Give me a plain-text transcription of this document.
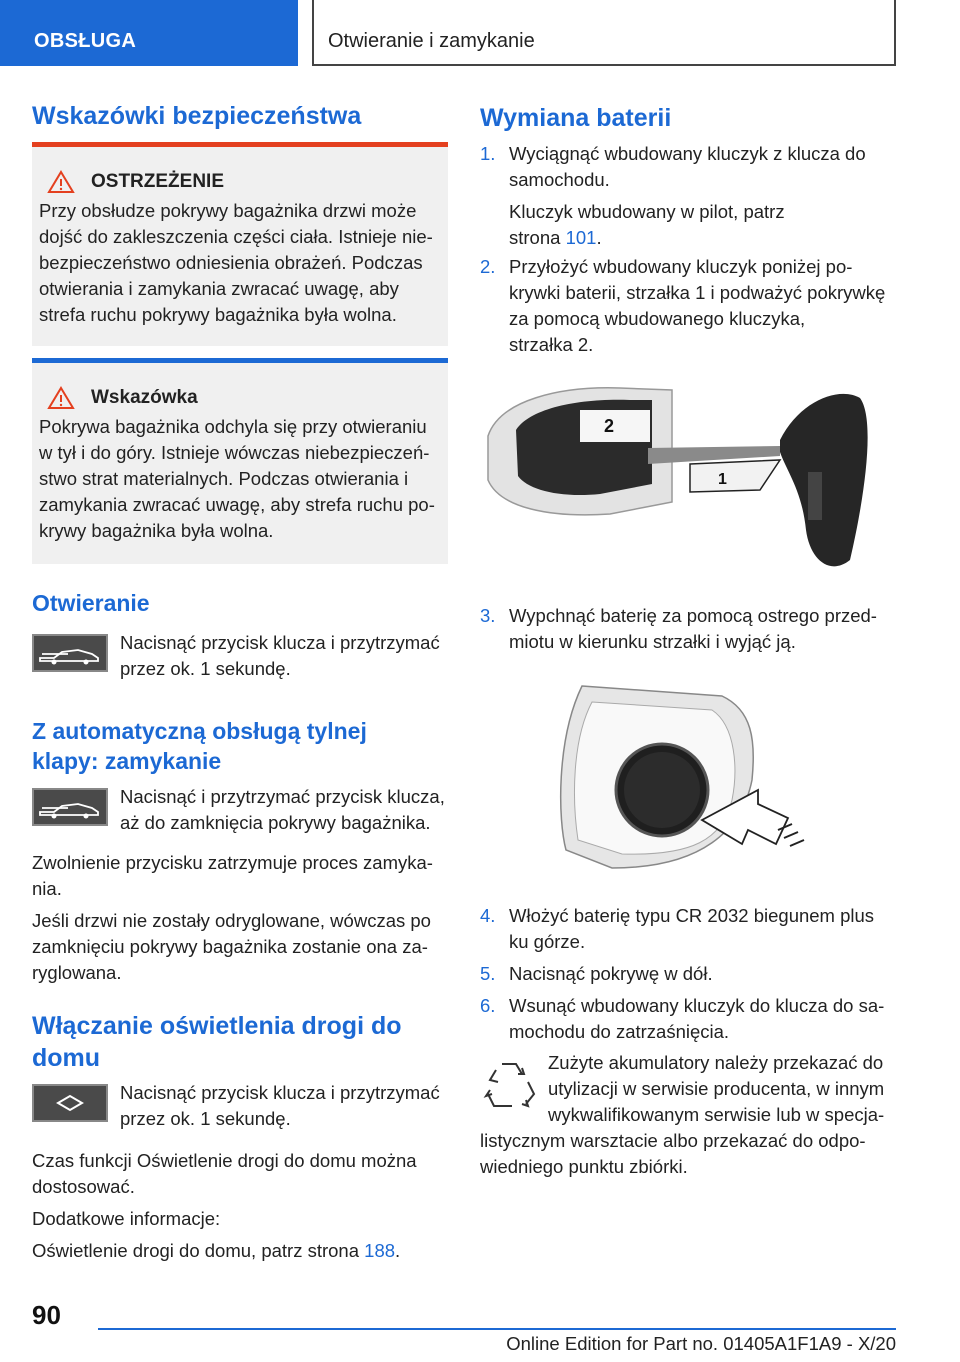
OBSŁUGA	Otwieranie i zamykanie
Wskazówki bezpieczeństwa
OSTRZEŻENIE
Przy obsłudze pokrywy bagażnika drzwi może
dojść do zakleszczenia części ciała. Istnieje nie-
bezpieczeństwo odniesienia obrażeń. Podczas
otwierania i zamykania zwracać uwagę, aby
strefa ruchu pokrywy bagażnika była wolna.
Wskazówka
Pokrywa bagażnika odchyla się przy otwieraniu
w tył i do góry. Istnieje wówczas niebezpieczeń-
stwo strat materialnych. Podczas otwierania i
zamykania zwracać uwagę, aby strefa ruchu po-
krywy bagażnika była wolna.
Otwieranie
Nacisnąć przycisk klucza i przytrzymać
przez ok. 1 sekundę.
Z automatyczną obsługą tylnej
klapy: zamykanie
Nacisnąć i przytrzymać przycisk klucza,
aż do zamknięcia pokrywy bagażnika.
Zwolnienie przycisku zatrzymuje proces zamyka-
nia.
Jeśli drzwi nie zostały odryglowane, wówczas po
zamknięciu pokrywy bagażnika zostanie ona za-
ryglowana.
Włączanie oświetlenia drogi do
domu
Nacisnąć przycisk klucza i przytrzymać
przez ok. 1 sekundę.
Czas funkcji Oświetlenie drogi do domu można
dostosować.
Dodatkowe informacje:
Oświetlenie drogi do domu, patrz strona 188.
Wymiana baterii
1. Wyciągnąć wbudowany kluczyk z klucza do
samochodu.
Kluczyk wbudowany w pilot, patrz
strona 101.
2. Przyłożyć wbudowany kluczyk poniżej po-
krywki baterii, strzałka 1 i podważyć pokrywkę
za pomocą wbudowanego kluczyka,
strzałka 2.
2
1
3. Wypchnąć baterię za pomocą ostrego przed-
miotu w kierunku strzałki i wyjąć ją.
4. Włożyć baterię typu CR 2032 biegunem plus
ku górze.
5. Nacisnąć pokrywę w dół.
6. Wsunąć wbudowany kluczyk do klucza do sa-
mochodu do zatrzaśnięcia.
Zużyte akumulatory należy przekazać do
utylizacji w serwisie producenta, w innym
wykwalifikowanym serwisie lub w specja-
listycznym warsztacie albo przekazać do odpo-
wiedniego punktu zbiórki.
90
Online Edition for Part no. 01405A1F1A9 - X/20
